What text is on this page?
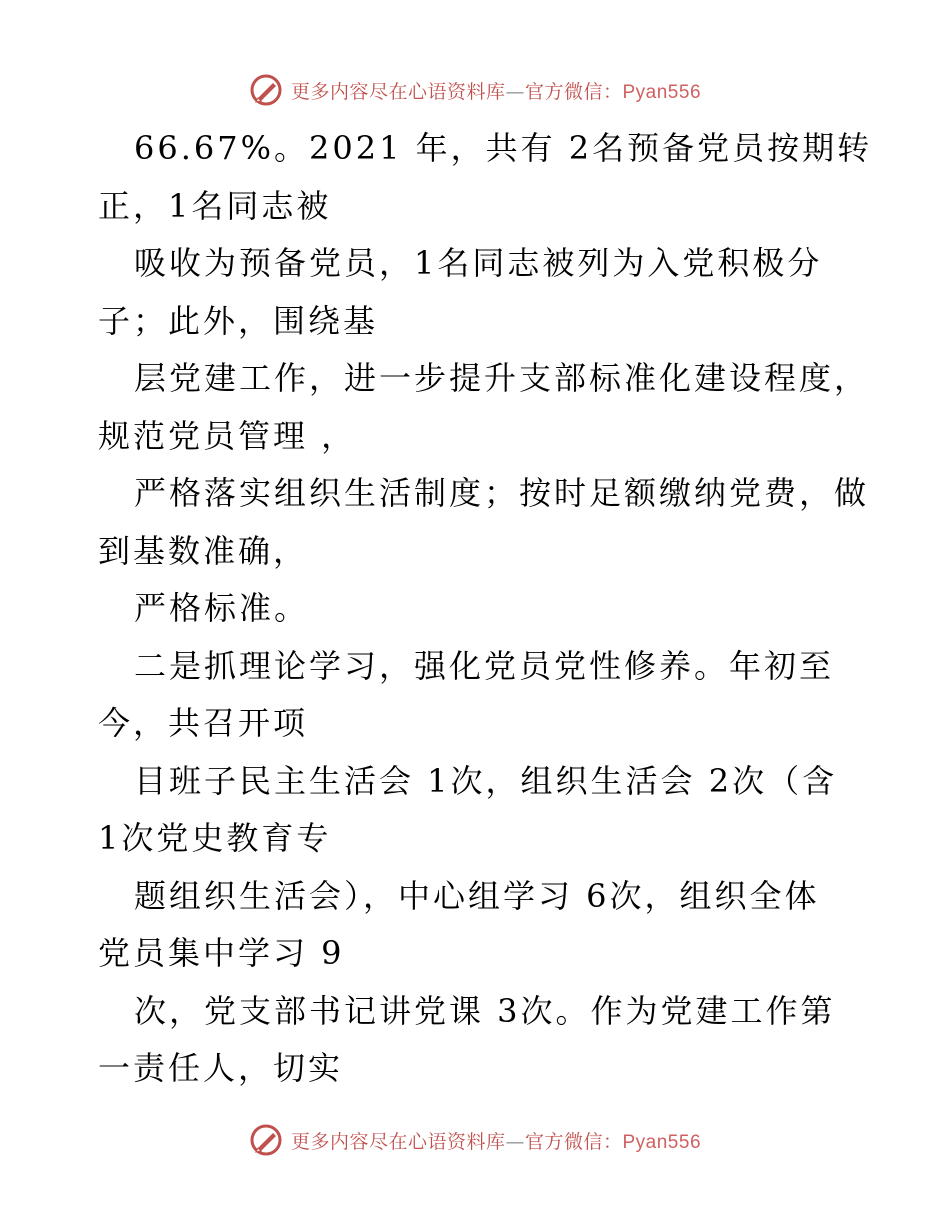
更多内容尽在心语资料库—官方微信：Pyan556
66.67%。2021 年，共有 2名预备党员按期转
正，1名同志被
吸收为预备党员，1名同志被列为入党积极分
子；此外，围绕基
层党建工作，进一步提升支部标准化建设程度，
规范党员管理 ，
严格落实组织生活制度；按时足额缴纳党费，做
到基数准确，
严格标准。
二是抓理论学习，强化党员党性修养。年初至
今，共召开项
目班子民主生活会 1次，组织生活会 2次（含
1次党史教育专
题组织生活会），中心组学习 6次，组织全体
党员集中学习 9
次，党支部书记讲党课 3次。作为党建工作第
一责任人，切实
更多内容尽在心语资料库—官方微信：Pyan556
